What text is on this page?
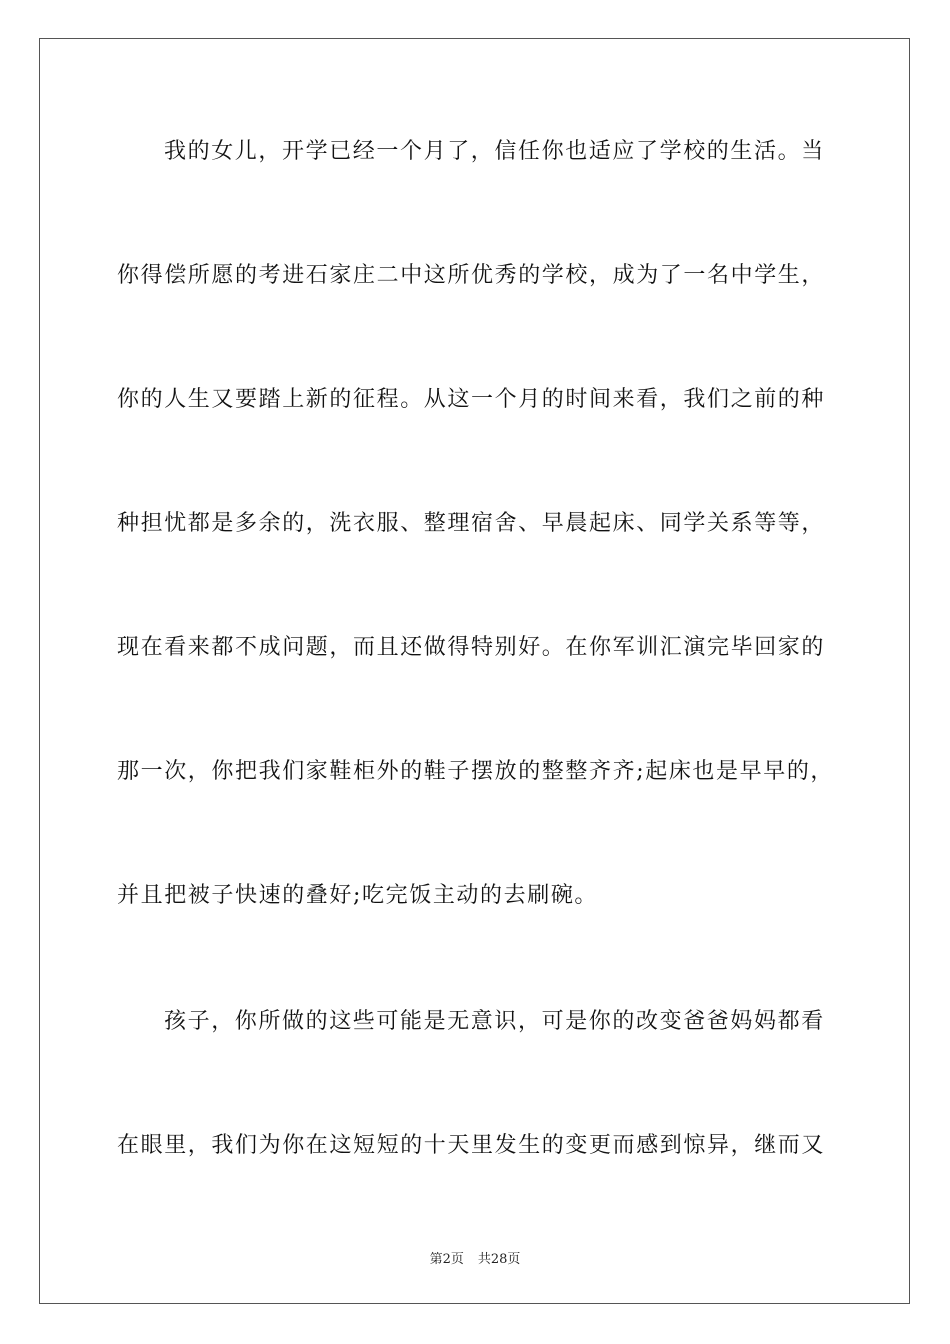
我的女儿，开学已经一个月了，信任你也适应了学校的生活。当

你得偿所愿的考进石家庄二中这所优秀的学校，成为了一名中学生，

你的人生又要踏上新的征程。从这一个月的时间来看，我们之前的种

种担忧都是多余的，洗衣服、整理宿舍、早晨起床、同学关系等等，

现在看来都不成问题，而且还做得特别好。在你军训汇演完毕回家的

那一次，你把我们家鞋柜外的鞋子摆放的整整齐齐;起床也是早早的，

并且把被子快速的叠好;吃完饭主动的去刷碗。

孩子，你所做的这些可能是无意识，可是你的改变爸爸妈妈都看

在眼里，我们为你在这短短的十天里发生的变更而感到惊异，继而又

第2页 共28页
